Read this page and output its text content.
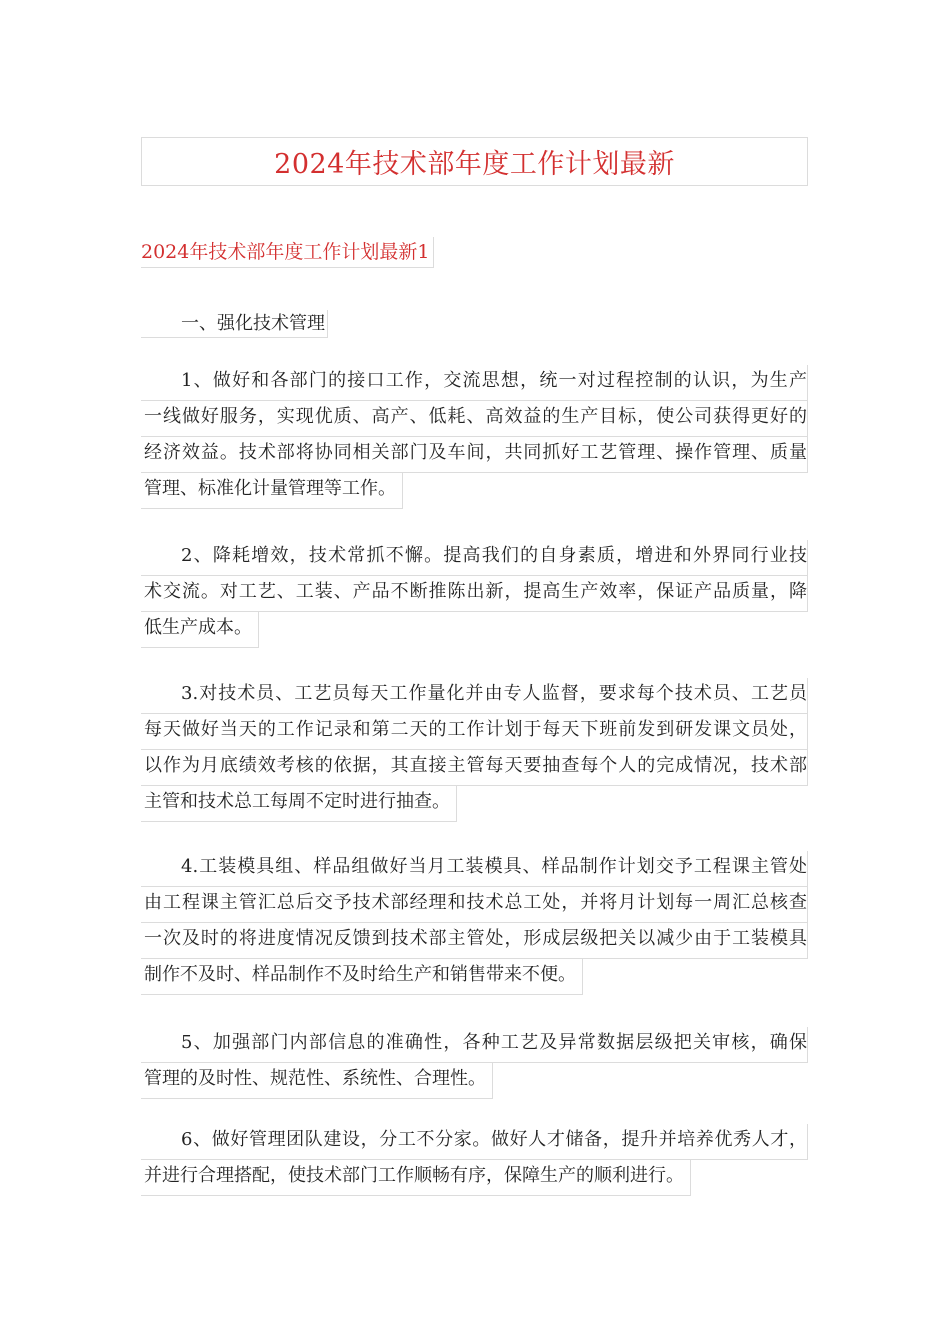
2024年技术部年度工作计划最新
2024年技术部年度工作计划最新1
一、强化技术管理
1、做好和各部门的接口工作，交流思想，统一对过程控制的认识，为生产
一线做好服务，实现优质、高产、低耗、高效益的生产目标，使公司获得更好的
经济效益。技术部将协同相关部门及车间，共同抓好工艺管理、操作管理、质量
管理、标准化计量管理等工作。
2、降耗增效，技术常抓不懈。提高我们的自身素质，增进和外界同行业技
术交流。对工艺、工装、产品不断推陈出新，提高生产效率，保证产品质量，降
低生产成本。
3.对技术员、工艺员每天工作量化并由专人监督，要求每个技术员、工艺员
每天做好当天的工作记录和第二天的工作计划于每天下班前发到研发课文员处，
以作为月底绩效考核的依据，其直接主管每天要抽查每个人的完成情况，技术部
主管和技术总工每周不定时进行抽查。
4.工装模具组、样品组做好当月工装模具、样品制作计划交予工程课主管处
由工程课主管汇总后交予技术部经理和技术总工处，并将月计划每一周汇总核查
一次及时的将进度情况反馈到技术部主管处，形成层级把关以减少由于工装模具
制作不及时、样品制作不及时给生产和销售带来不便。
5、加强部门内部信息的准确性，各种工艺及异常数据层级把关审核，确保
管理的及时性、规范性、系统性、合理性。
6、做好管理团队建设，分工不分家。做好人才储备，提升并培养优秀人才，
并进行合理搭配，使技术部门工作顺畅有序，保障生产的顺利进行。
